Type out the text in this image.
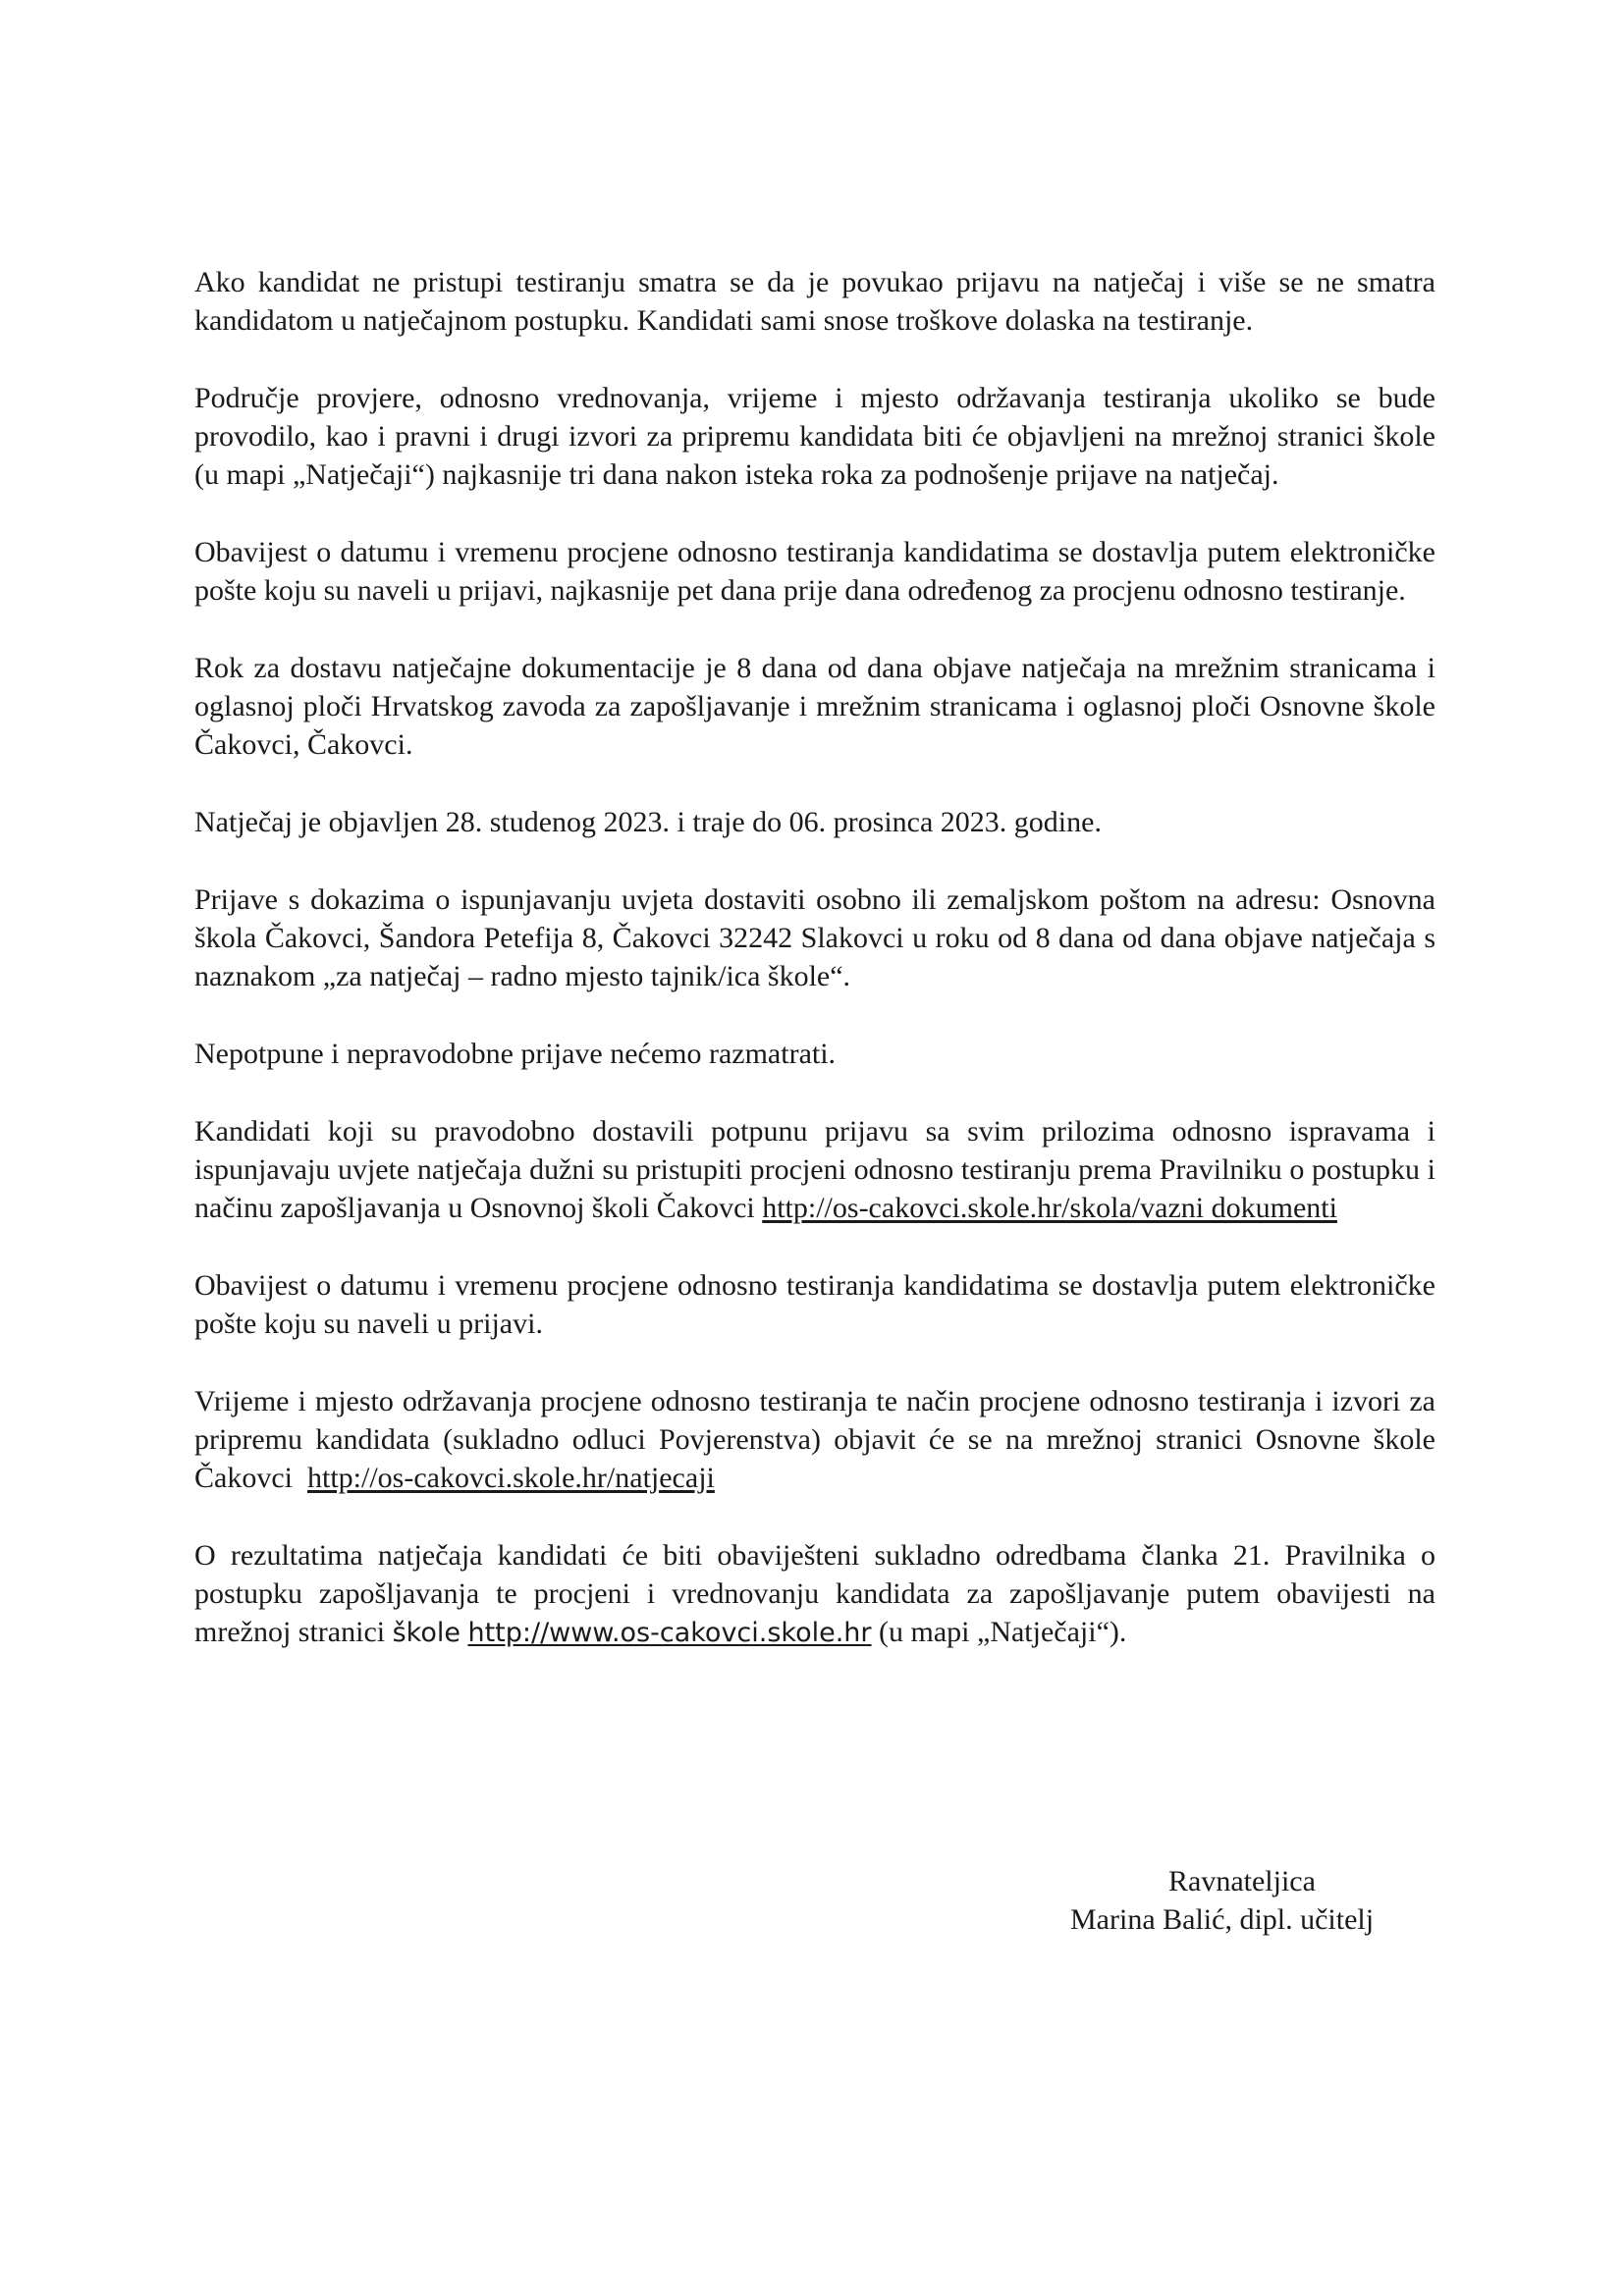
Ako kandidat ne pristupi testiranju smatra se da je povukao prijavu na natječaj i više se ne smatra kandidatom u natječajnom postupku. Kandidati sami snose troškove dolaska na testiranje.

Područje provjere, odnosno vrednovanja, vrijeme i mjesto održavanja testiranja ukoliko se bude provodilo, kao i pravni i drugi izvori za pripremu kandidata biti će objavljeni na mrežnoj stranici škole (u mapi „Natječaji“) najkasnije tri dana nakon isteka roka za podnošenje prijave na natječaj.

Obavijest o datumu i vremenu procjene odnosno testiranja kandidatima se dostavlja putem elektroničke pošte koju su naveli u prijavi, najkasnije pet dana prije dana određenog za procjenu odnosno testiranje.

Rok za dostavu natječajne dokumentacije je 8 dana od dana objave natječaja na mrežnim stranicama i oglasnoj ploči Hrvatskog zavoda za zapošljavanje i mrežnim stranicama i oglasnoj ploči Osnovne škole Čakovci, Čakovci.

Natječaj je objavljen 28. studenog 2023. i traje do 06. prosinca 2023. godine.

Prijave s dokazima o ispunjavanju uvjeta dostaviti osobno ili zemaljskom poštom na adresu: Osnovna škola Čakovci, Šandora Petefija 8, Čakovci 32242 Slakovci u roku od 8 dana od dana objave natječaja s naznakom „za natječaj – radno mjesto tajnik/ica škole“.

Nepotpune i nepravodobne prijave nećemo razmatrati.

Kandidati koji su pravodobno dostavili potpunu prijavu sa svim prilozima odnosno ispravama i ispunjavaju uvjete natječaja dužni su pristupiti procjeni odnosno testiranju prema Pravilniku o postupku i načinu zapošljavanja u Osnovnoj školi Čakovci http://os-cakovci.skole.hr/skola/vazni dokumenti

Obavijest o datumu i vremenu procjene odnosno testiranja kandidatima se dostavlja putem elektroničke pošte koju su naveli u prijavi.

Vrijeme i mjesto održavanja procjene odnosno testiranja te način procjene odnosno testiranja i izvori za pripremu kandidata (sukladno odluci Povjerenstva) objavit će se na mrežnoj stranici Osnovne škole Čakovci http://os-cakovci.skole.hr/natjecaji

O rezultatima natječaja kandidati će biti obaviješteni sukladno odredbama članka 21. Pravilnika o postupku zapošljavanja te procjeni i vrednovanju kandidata za zapošljavanje putem obavijesti na mrežnoj stranici škole http://www.os-cakovci.skole.hr (u mapi „Natječaji“).

Ravnateljica
Marina Balić, dipl. učitelj
